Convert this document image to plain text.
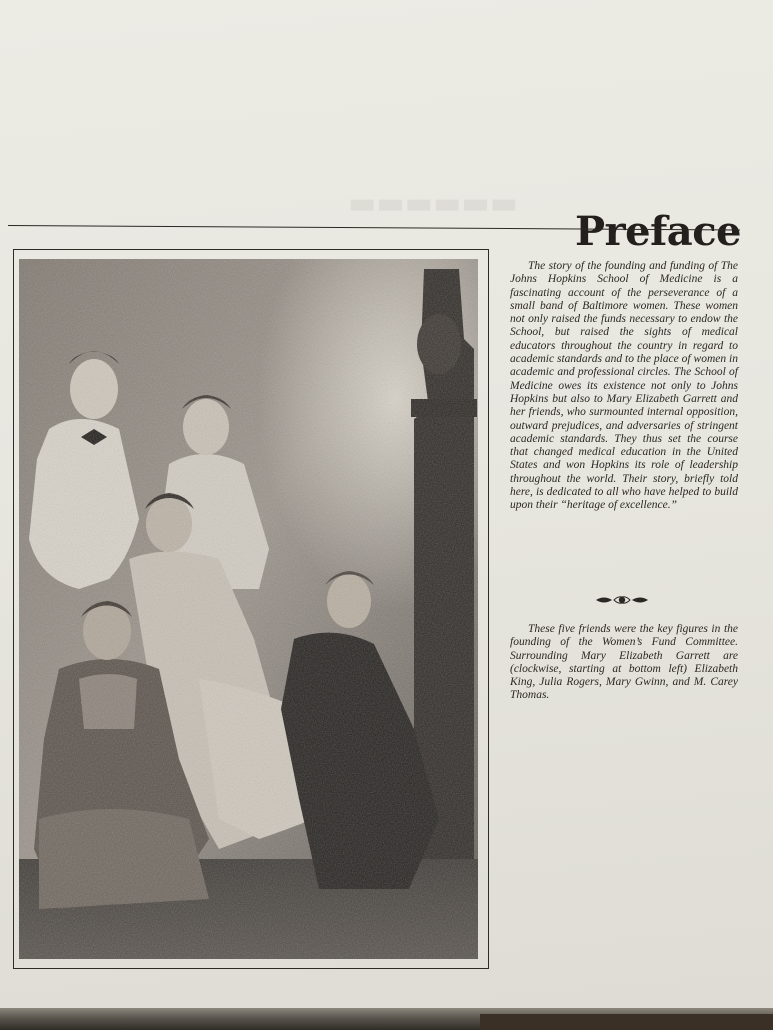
▬▬▬▬▬▬
Preface

The story of the founding and funding of The Johns Hopkins School of Medicine is a fascinating account of the perseverance of a small band of Baltimore women. These women not only raised the funds necessary to endow the School, but raised the sights of medical educators throughout the country in regard to academic standards and to the place of women in academic and professional circles. The School of Medicine owes its existence not only to Johns Hopkins but also to Mary Elizabeth Garrett and her friends, who surmounted internal opposition, outward prejudices, and adversaries of stringent academic standards. They thus set the course that changed medical education in the United States and won Hopkins its role of leadership throughout the world. Their story, briefly told here, is dedicated to all who have helped to build upon their “heritage of excellence.”

These five friends were the key figures in the founding of the Women’s Fund Committee. Surrounding Mary Elizabeth Garrett are (clockwise, starting at bottom left) Elizabeth King, Julia Rogers, Mary Gwinn, and M. Carey Thomas.
